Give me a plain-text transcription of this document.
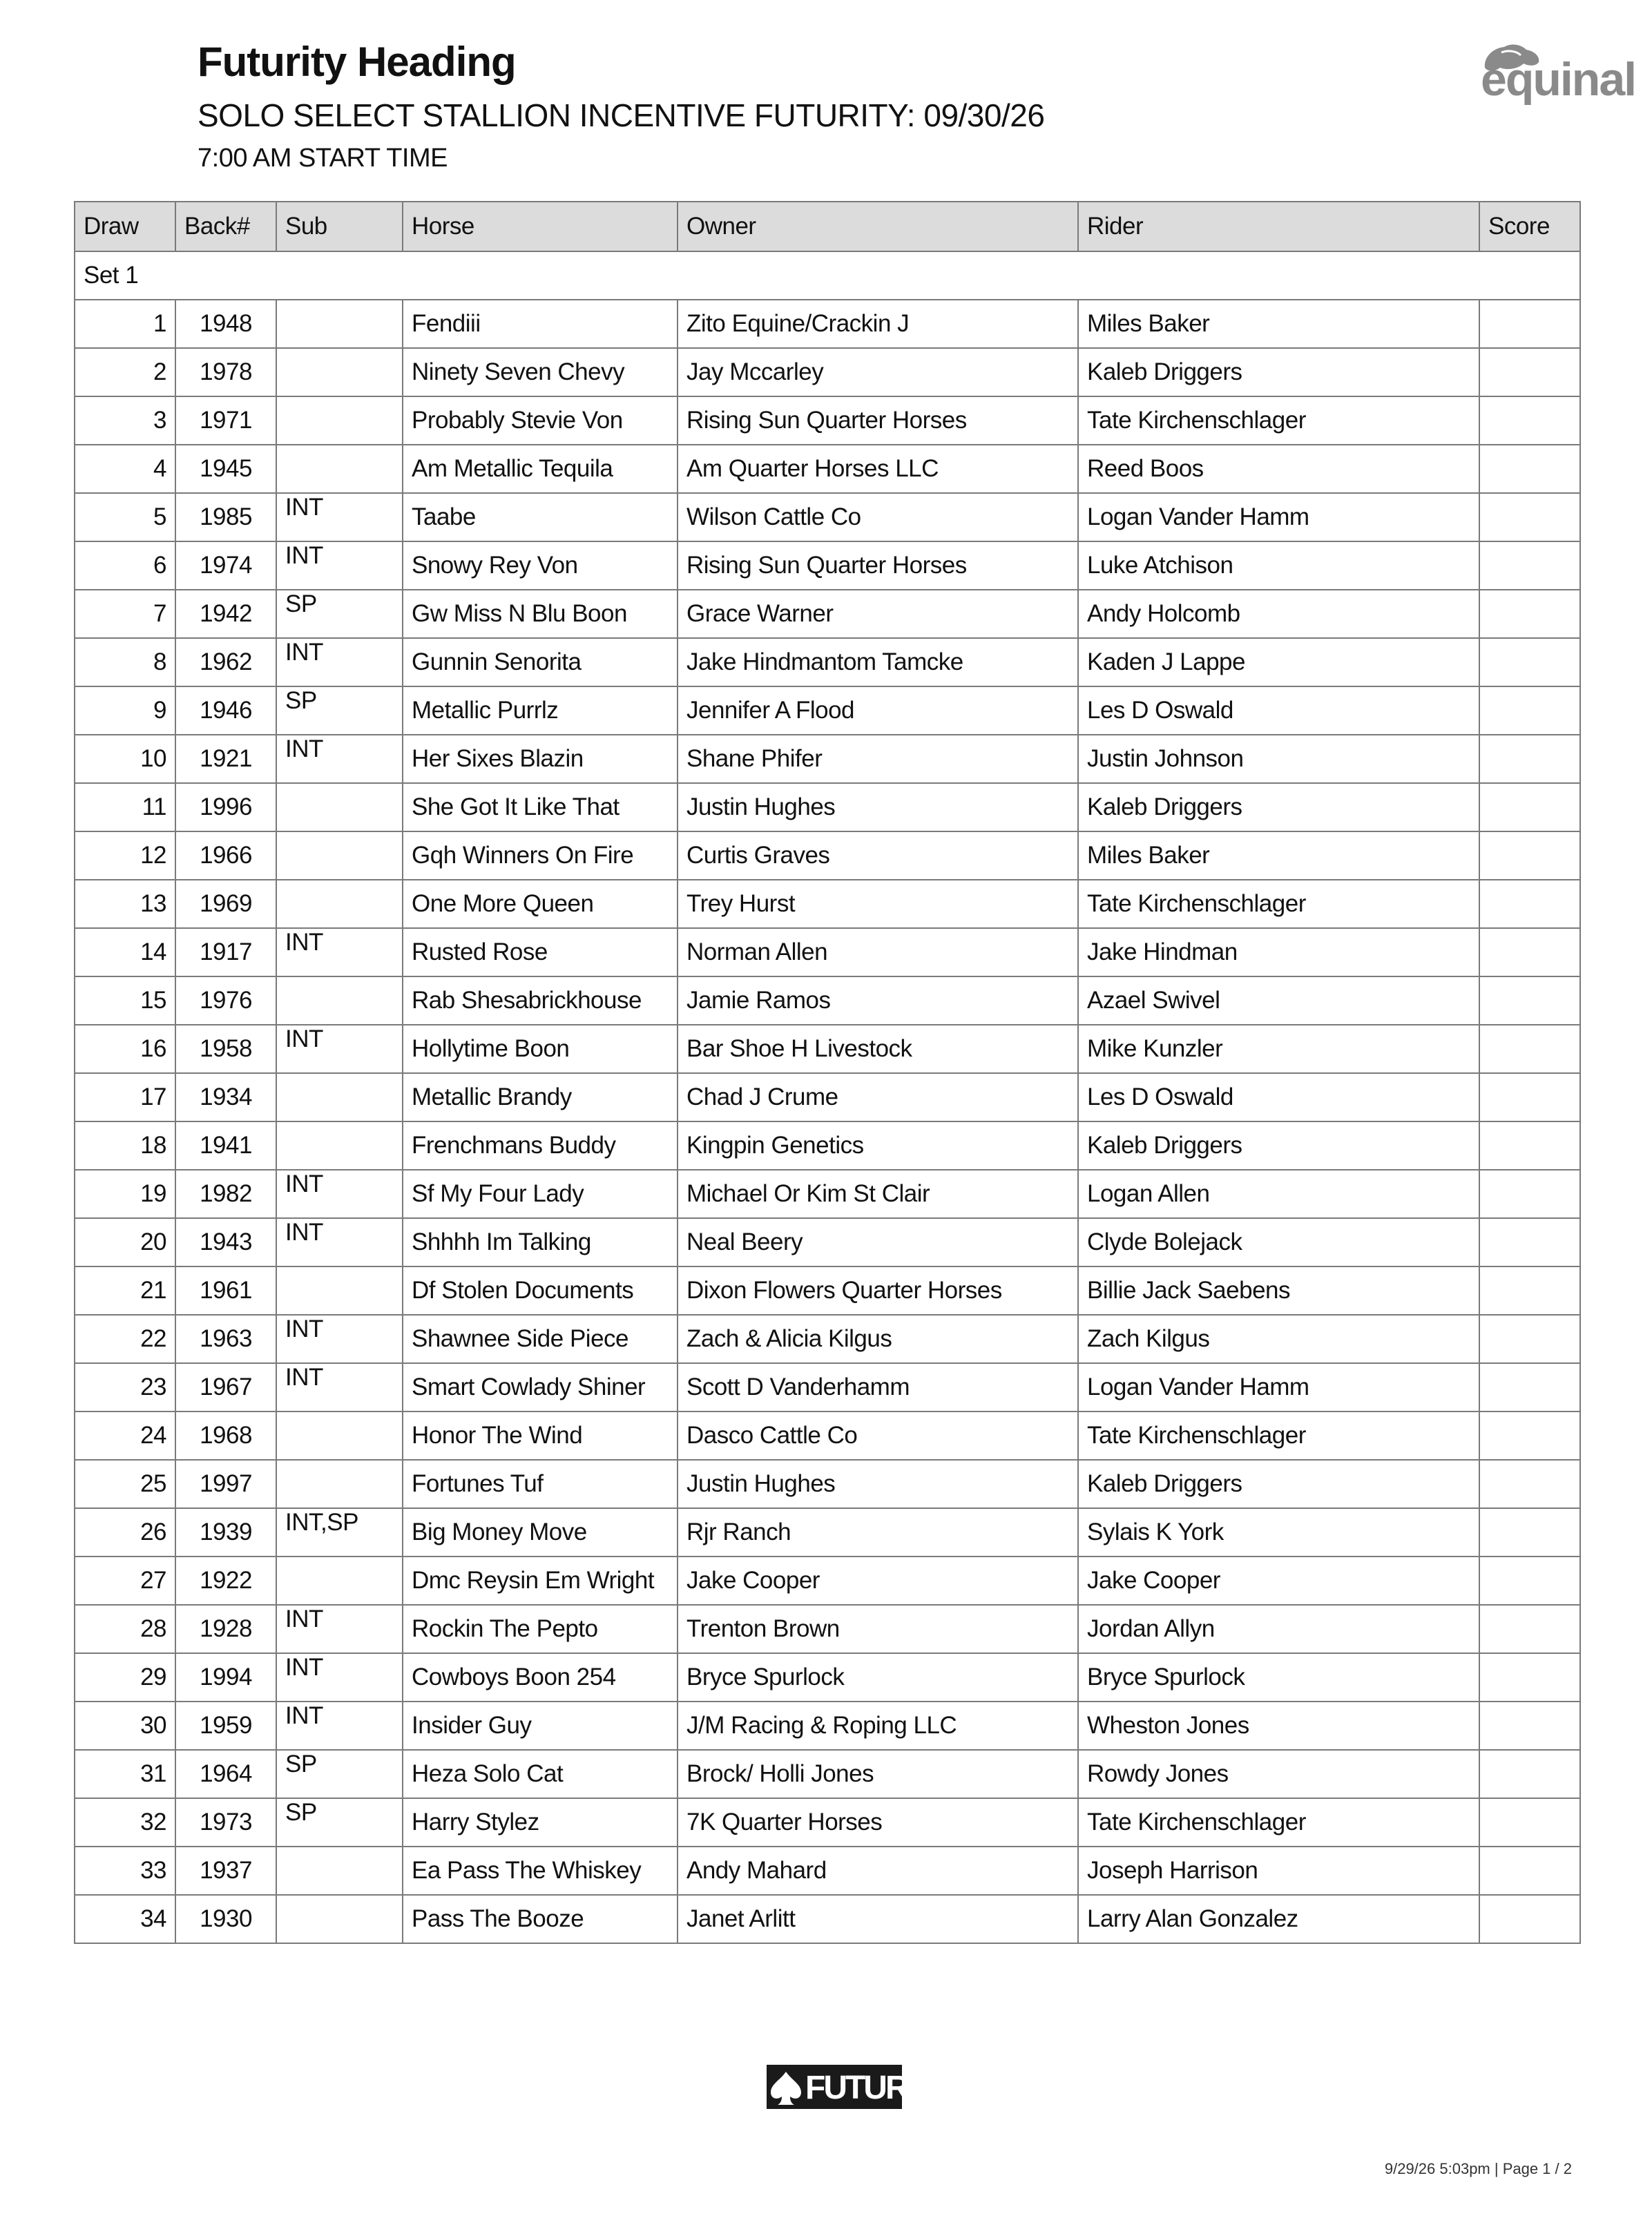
Futurity Heading
SOLO SELECT STALLION INCENTIVE FUTURITY: 09/30/26
7:00 AM START TIME
equinal
Draw	Back#	Sub	Horse	Owner	Rider	Score
Set 1						
1	1948		Fendiii	Zito Equine/Crackin J	Miles Baker	
2	1978		Ninety Seven Chevy	Jay Mccarley	Kaleb Driggers	
3	1971		Probably Stevie Von	Rising Sun Quarter Horses	Tate Kirchenschlager	
4	1945		Am Metallic Tequila	Am Quarter Horses LLC	Reed Boos	
5	1985	INT	Taabe	Wilson Cattle Co	Logan Vander Hamm	
6	1974	INT	Snowy Rey Von	Rising Sun Quarter Horses	Luke Atchison	
7	1942	SP	Gw Miss N Blu Boon	Grace Warner	Andy Holcomb	
8	1962	INT	Gunnin Senorita	Jake Hindmantom Tamcke	Kaden J Lappe	
9	1946	SP	Metallic Purrlz	Jennifer A Flood	Les D Oswald	
10	1921	INT	Her Sixes Blazin	Shane Phifer	Justin Johnson	
11	1996		She Got It Like That	Justin Hughes	Kaleb Driggers	
12	1966		Gqh Winners On Fire	Curtis Graves	Miles Baker	
13	1969		One More Queen	Trey Hurst	Tate Kirchenschlager	
14	1917	INT	Rusted Rose	Norman Allen	Jake Hindman	
15	1976		Rab Shesabrickhouse	Jamie Ramos	Azael Swivel	
16	1958	INT	Hollytime Boon	Bar Shoe H Livestock	Mike Kunzler	
17	1934		Metallic Brandy	Chad J Crume	Les D Oswald	
18	1941		Frenchmans Buddy	Kingpin Genetics	Kaleb Driggers	
19	1982	INT	Sf My Four Lady	Michael Or Kim St Clair	Logan Allen	
20	1943	INT	Shhhh Im Talking	Neal Beery	Clyde Bolejack	
21	1961		Df Stolen Documents	Dixon Flowers Quarter Horses	Billie Jack Saebens	
22	1963	INT	Shawnee Side Piece	Zach & Alicia Kilgus	Zach Kilgus	
23	1967	INT	Smart Cowlady Shiner	Scott D Vanderhamm	Logan Vander Hamm	
24	1968		Honor The Wind	Dasco Cattle Co	Tate Kirchenschlager	
25	1997		Fortunes Tuf	Justin Hughes	Kaleb Driggers	
26	1939	INT,SP	Big Money Move	Rjr Ranch	Sylais K York	
27	1922		Dmc Reysin Em Wright	Jake Cooper	Jake Cooper	
28	1928	INT	Rockin The Pepto	Trenton Brown	Jordan Allyn	
29	1994	INT	Cowboys Boon 254	Bryce Spurlock	Bryce Spurlock	
30	1959	INT	Insider Guy	J/M Racing & Roping LLC	Wheston Jones	
31	1964	SP	Heza Solo Cat	Brock/ Holli Jones	Rowdy Jones	
32	1973	SP	Harry Stylez	7K Quarter Horses	Tate Kirchenschlager	
33	1937		Ea Pass The Whiskey	Andy Mahard	Joseph Harrison	
34	1930		Pass The Booze	Janet Arlitt	Larry Alan Gonzalez	
FUTURITY
9/29/26 5:03pm | Page 1 / 2
